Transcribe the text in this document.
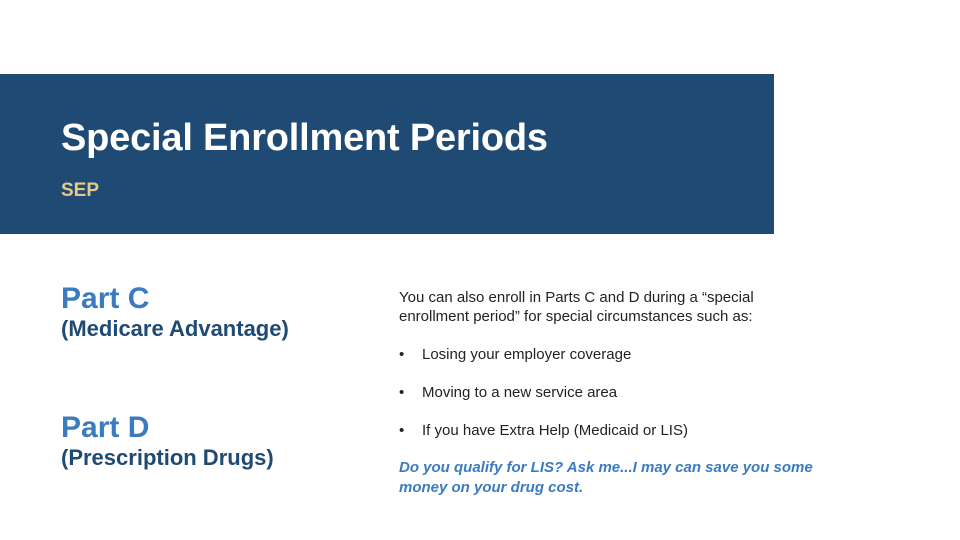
Special Enrollment Periods
SEP
Part C
(Medicare Advantage)
Part D
(Prescription Drugs)

You can also enroll in Parts C and D during a “special enrollment period” for special circumstances such as:

• Losing your employer coverage
• Moving to a new service area
• If you have Extra Help (Medicaid or LIS)

Do you qualify for LIS? Ask me...I may can save you some money on your drug cost.
